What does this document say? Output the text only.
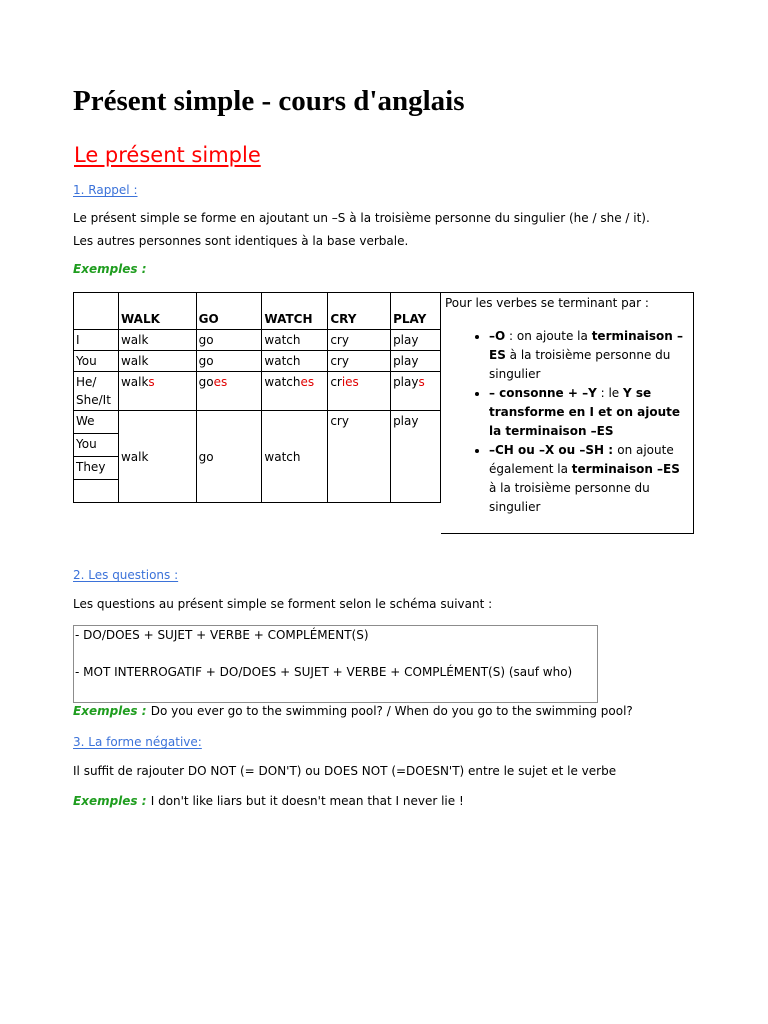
Présent simple - cours d'anglais
Le présent simple
1. Rappel :
Le présent simple se forme en ajoutant un –S à la troisième personne du singulier (he / she / it).
Les autres personnes sont identiques à la base verbale.
Exemples :
	WALK	GO	WATCH	CRY	PLAY
I	walk	go	watch	cry	play
You	walk	go	watch	cry	play
He/ She/It	walks	goes	watches	cries	plays
We	walk	go	watch	cry	play
You					
They					

Pour les verbes se terminant par :
• –O : on ajoute la terminaison –ES à la troisième personne du singulier
• – consonne + –Y : le Y se transforme en I et on ajoute la terminaison –ES
• –CH ou –X ou –SH : on ajoute également la terminaison –ES à la troisième personne du singulier
2. Les questions :
Les questions au présent simple se forment selon le schéma suivant :
- DO/DOES + SUJET + VERBE + COMPLÉMENT(S)
- MOT INTERROGATIF + DO/DOES + SUJET + VERBE + COMPLÉMENT(S) (sauf who)
Exemples : Do you ever go to the swimming pool? / When do you go to the swimming pool?
3. La forme négative:
Il suffit de rajouter DO NOT (= DON'T) ou DOES NOT (=DOESN'T) entre le sujet et le verbe
Exemples : I don't like liars but it doesn't mean that I never lie !
